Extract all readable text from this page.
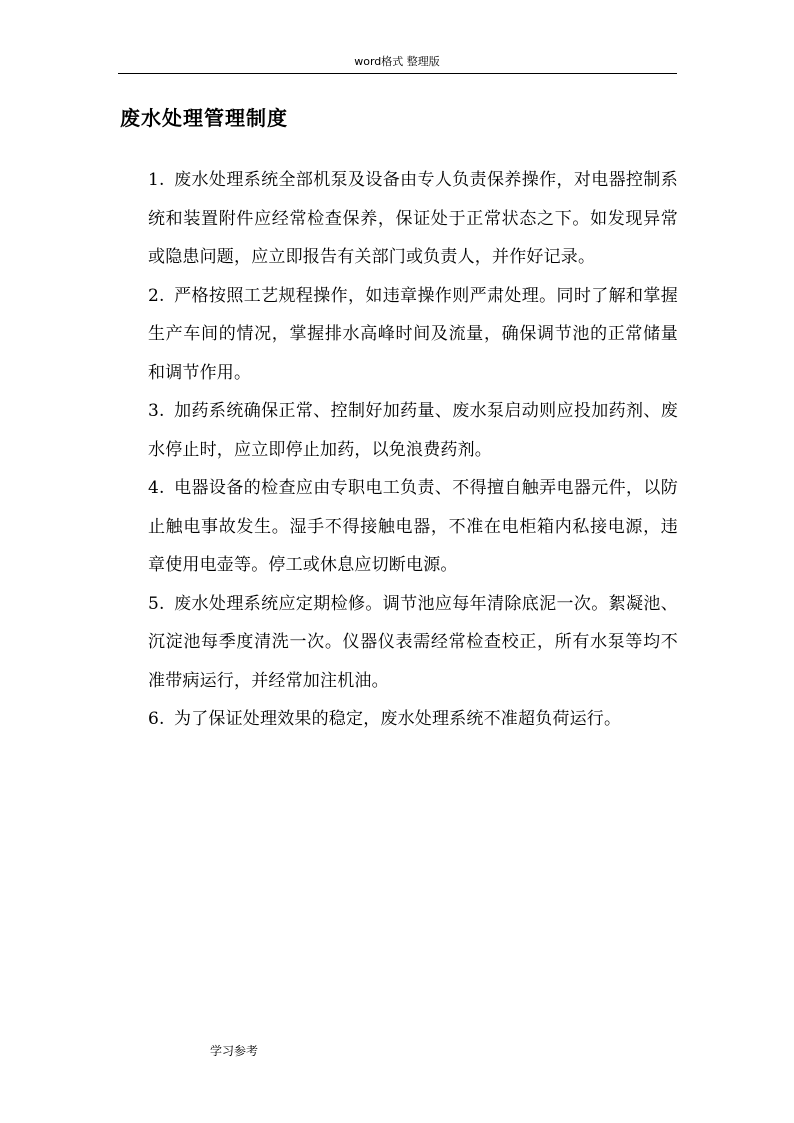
word格式 整理版
废水处理管理制度
1. 废水处理系统全部机泵及设备由专人负责保养操作，对电器控制系统和装置附件应经常检查保养，保证处于正常状态之下。如发现异常或隐患问题，应立即报告有关部门或负责人，并作好记录。
2. 严格按照工艺规程操作，如违章操作则严肃处理。同时了解和掌握生产车间的情况，掌握排水高峰时间及流量，确保调节池的正常储量和调节作用。
3. 加药系统确保正常、控制好加药量、废水泵启动则应投加药剂、废水停止时，应立即停止加药，以免浪费药剂。
4. 电器设备的检查应由专职电工负责、不得擅自触弄电器元件，以防止触电事故发生。湿手不得接触电器，不准在电柜箱内私接电源，违章使用电壶等。停工或休息应切断电源。
5. 废水处理系统应定期检修。调节池应每年清除底泥一次。絮凝池、沉淀池每季度清洗一次。仪器仪表需经常检查校正，所有水泵等均不准带病运行，并经常加注机油。
6. 为了保证处理效果的稳定，废水处理系统不准超负荷运行。
学习参考
